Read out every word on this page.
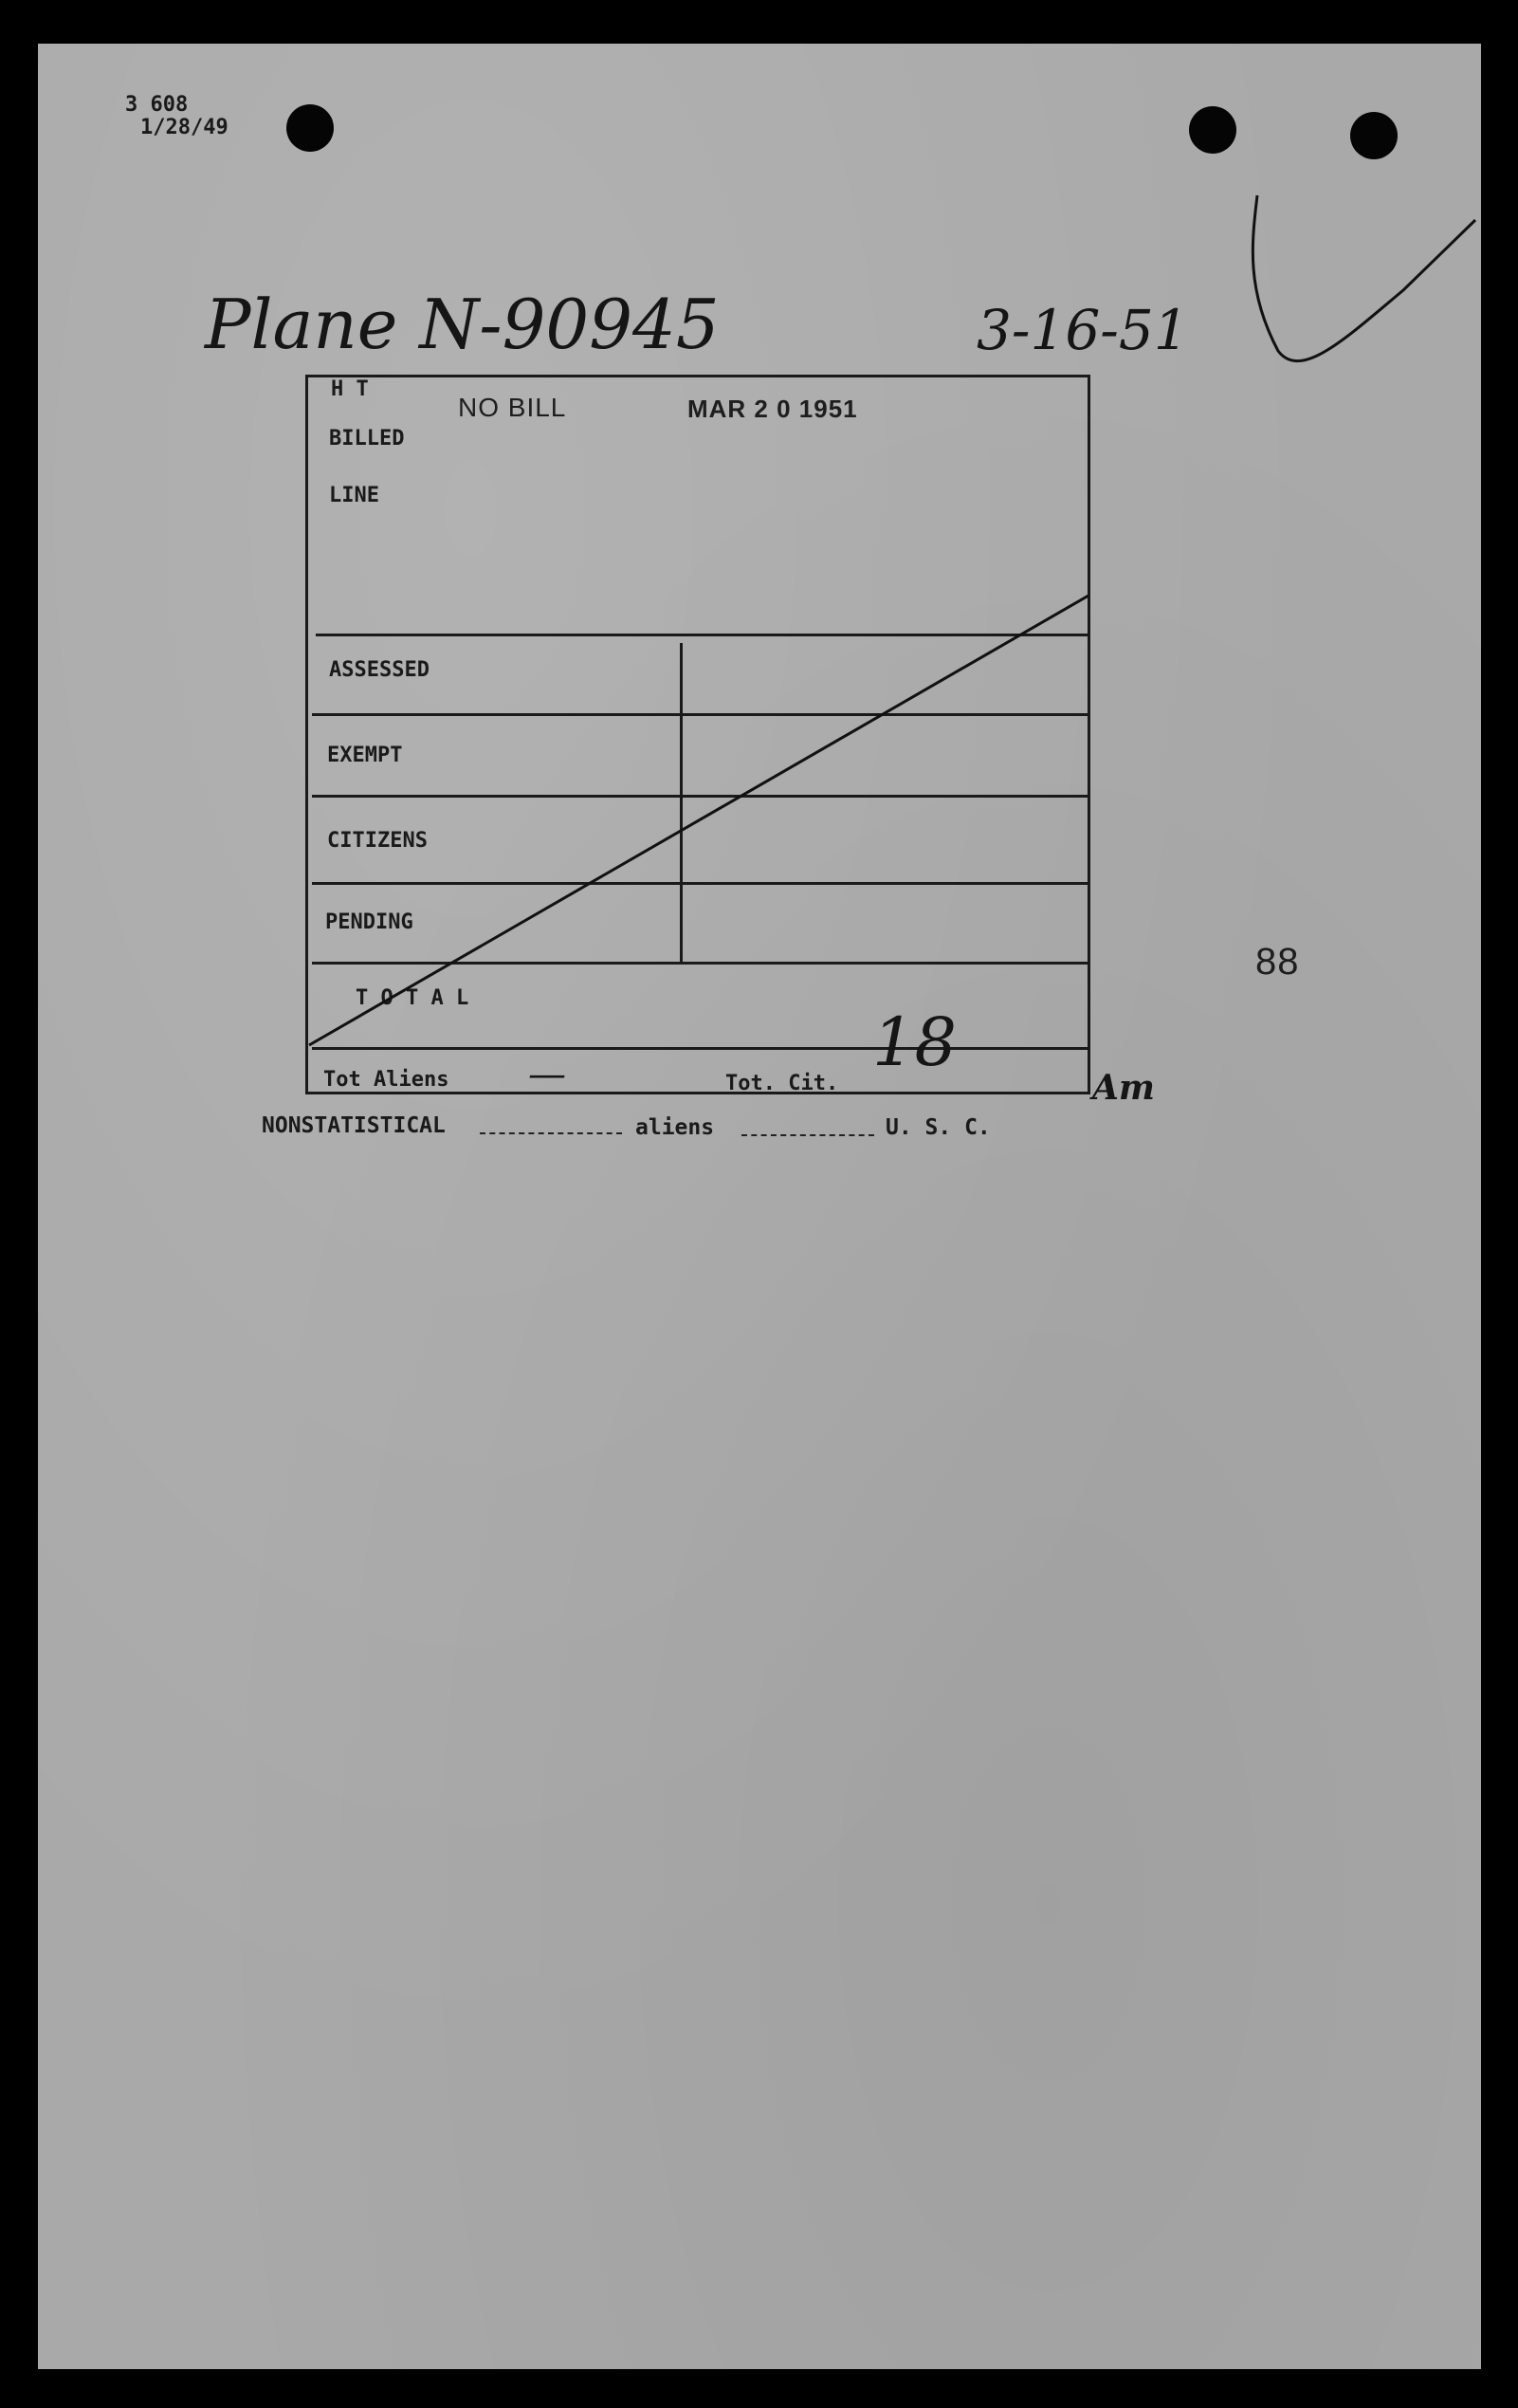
3 608
1/28/49
Plane N-90945	3-16-51
H T
BILLED
LINE
NO BILL	MAR 2 0 1951
ASSESSED
EXEMPT
CITIZENS
PENDING
T O T A L
Tot Aliens —	Tot. Cit.
18
Am
88
NONSTATISTICAL	aliens	U. S. C.
